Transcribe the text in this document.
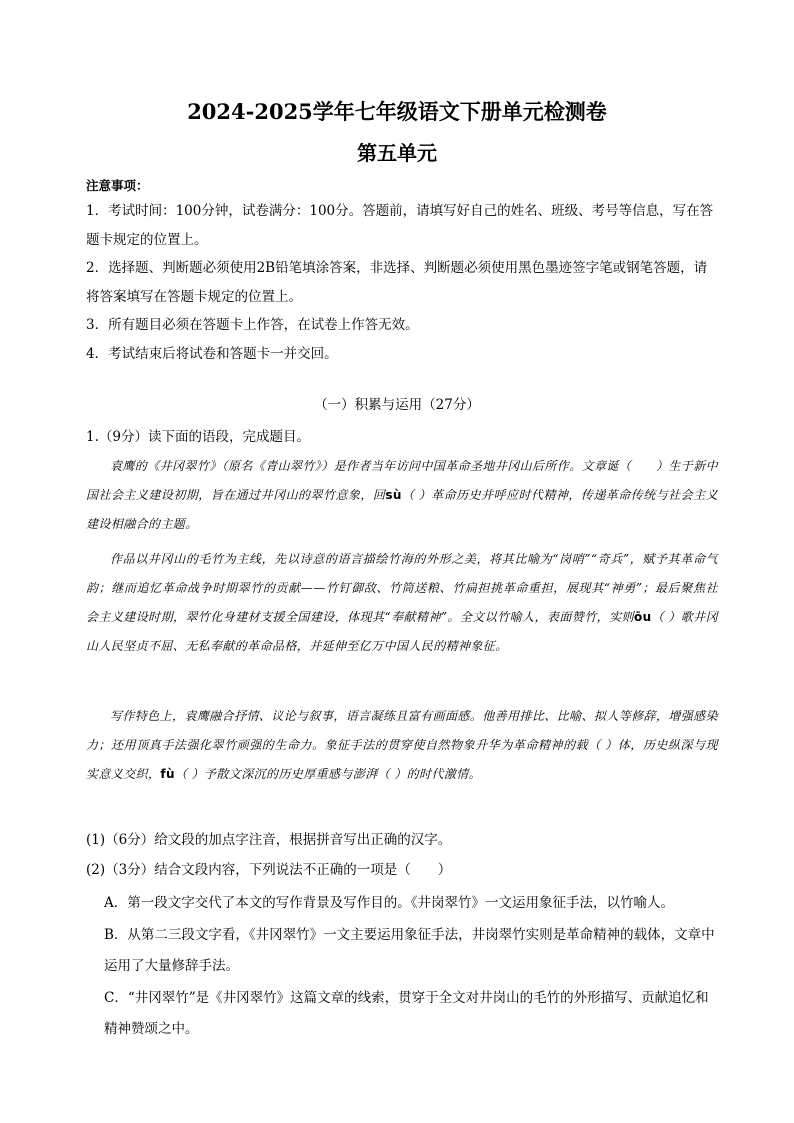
2024-2025学年七年级语文下册单元检测卷
第五单元
注意事项：

1．考试时间：100分钟，试卷满分：100分。答题前，请填写好自己的姓名、班级、考号等信息，写在答题卡规定的位置上。

2．选择题、判断题必须使用2B铅笔填涂答案，非选择、判断题必须使用黑色墨迹签字笔或钢笔答题，请将答案填写在答题卡规定的位置上。

3．所有题目必须在答题卡上作答，在试卷上作答无效。

4．考试结束后将试卷和答题卡一并交回。

（一）积累与运用（27分）
1.（9分）读下面的语段，完成题目。

袁鹰的《井冈翠竹》（原名《青山翠竹》）是作者当年访问中国革命圣地井冈山后所作。文章诞（　　）生于新中国社会主义建设初期，旨在通过井冈山的翠竹意象，回sù（ ）革命历史并呼应时代精神，传递革命传统与社会主义建设相融合的主题。

作品以井冈山的毛竹为主线，先以诗意的语言描绘竹海的外形之美，将其比喻为“岗哨”“奇兵”，赋予其革命气韵；继而追忆革命战争时期翠竹的贡献——竹钉御敌、竹筒送粮、竹扁担挑革命重担，展现其“神勇”；最后聚焦社会主义建设时期，翠竹化身建材支援全国建设，体现其“奉献精神”。全文以竹喻人，表面赞竹，实则ōu（ ）歌井冈山人民坚贞不屈、无私奉献的革命品格，并延伸至亿万中国人民的精神象征。

写作特色上，袁鹰融合抒情、议论与叙事，语言凝练且富有画面感。他善用排比、比喻、拟人等修辞，增强感染力；还用顶真手法强化翠竹顽强的生命力。象征手法的贯穿使自然物象升华为革命精神的载（ ）体，历史纵深与现实意义交织，fù（ ）予散文深沉的历史厚重感与澎湃（ ）的时代激情。

(1)（6分）给文段的加点字注音，根据拼音写出正确的汉字。
(2)（3分）结合文段内容，下列说法不正确的一项是（　　）
A．第一段文字交代了本文的写作背景及写作目的。《井岗翠竹》一文运用象征手法，以竹喻人。
B．从第二三段文字看，《井冈翠竹》一文主要运用象征手法，井岗翠竹实则是革命精神的载体，文章中运用了大量修辞手法。
C．“井冈翠竹”是《井冈翠竹》这篇文章的线索，贯穿于全文对井岗山的毛竹的外形描写、贡献追忆和精神赞颂之中。
